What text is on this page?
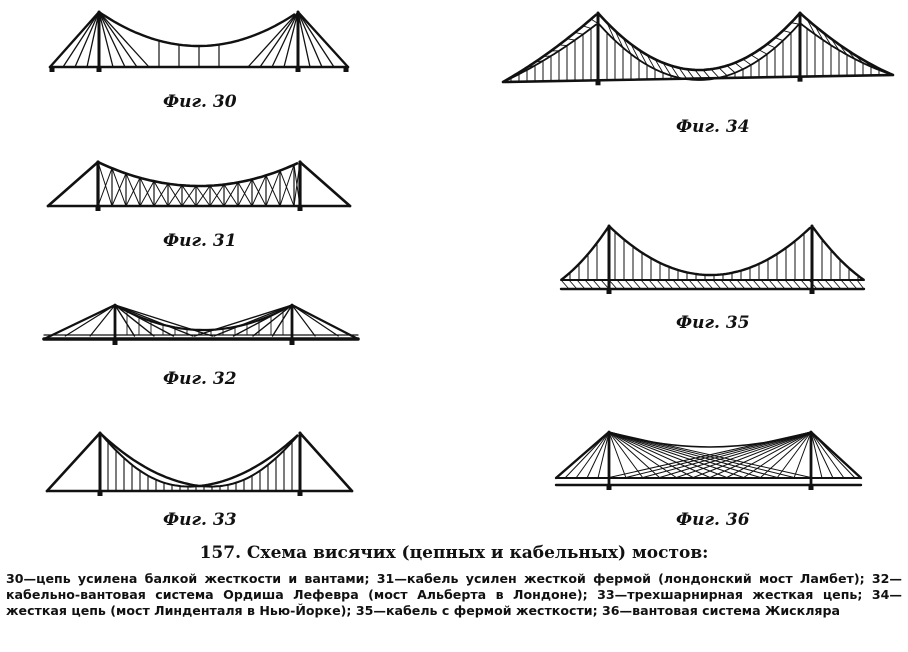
Фиг. 30
Фиг. 31
Фиг. 32
Фиг. 33
Фиг. 34
Фиг. 35
Фиг. 36
157. Схема висячих (цепных и кабельных) мостов:
30—цепь усилена балкой жесткости и вантами; 31—кабель усилен жесткой фермой (лондонский мост Ламбет); 32—кабельно-вантовая система Ордиша Лефевра (мост Альберта в Лондоне); 33—трехшарнирная жесткая цепь; 34—жесткая цепь (мост Линденталя в Нью-Йорке); 35—кабель с фермой жесткости; 36—вантовая система Жискляра
